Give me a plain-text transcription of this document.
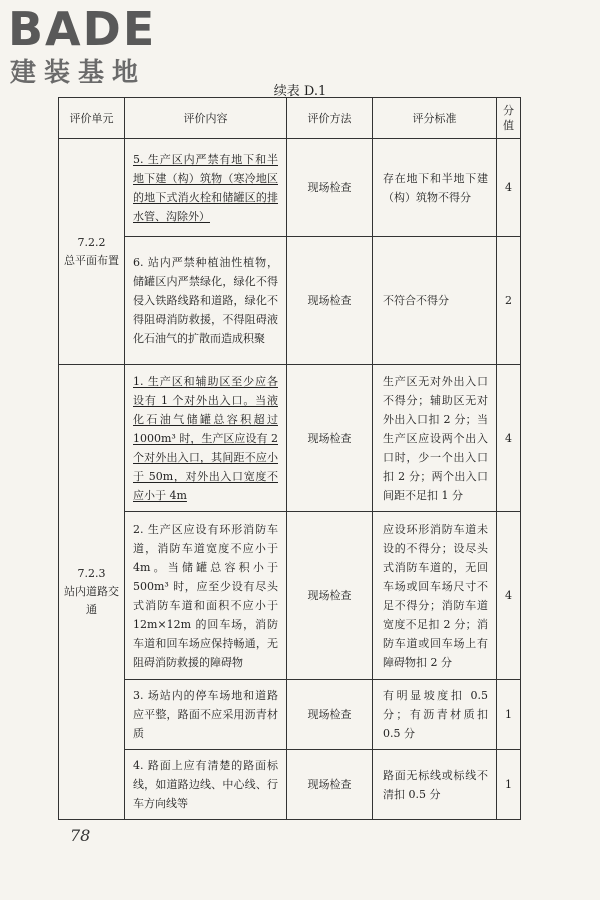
BADE
建装基地
续表 D.1
评价单元	评价内容	评价方法	评分标准	分值

7.2.2
总平面布置	5. 生产区内严禁有地下和半地下建（构）筑物（寒冷地区的地下式消火栓和储罐区的排水管、沟除外）	现场检查	存在地下和半地下建（构）筑物不得分	4
	6. 站内严禁种植油性植物，储罐区内严禁绿化，绿化不得侵入铁路线路和道路，绿化不得阻碍消防救援，不得阻碍液化石油气的扩散而造成积聚	现场检查	不符合不得分	2

7.2.3
站内道路交通	1. 生产区和辅助区至少应各设有 1 个对外出入口。当液化石油气储罐总容积超过 1000m³ 时，生产区应设有 2 个对外出入口，其间距不应小于 50m，对外出入口宽度不应小于 4m	现场检查	生产区无对外出入口不得分；辅助区无对外出入口扣 2 分；当生产区应设两个出入口时，少一个出入口扣 2 分；两个出入口间距不足扣 1 分	4
	2. 生产区应设有环形消防车道，消防车道宽度不应小于 4m。当储罐总容积小于 500m³ 时，应至少设有尽头式消防车道和面积不应小于 12m×12m 的回车场，消防车道和回车场应保持畅通，无阻碍消防救援的障碍物	现场检查	应设环形消防车道未设的不得分；设尽头式消防车道的，无回车场或回车场尺寸不足不得分；消防车道宽度不足扣 2 分；消防车道或回车场上有障碍物扣 2 分	4
	3. 场站内的停车场地和道路应平整，路面不应采用沥青材质	现场检查	有明显坡度扣 0.5 分；有沥青材质扣 0.5 分	1
	4. 路面上应有清楚的路面标线，如道路边线、中心线、行车方向线等	现场检查	路面无标线或标线不清扣 0.5 分	1
78
